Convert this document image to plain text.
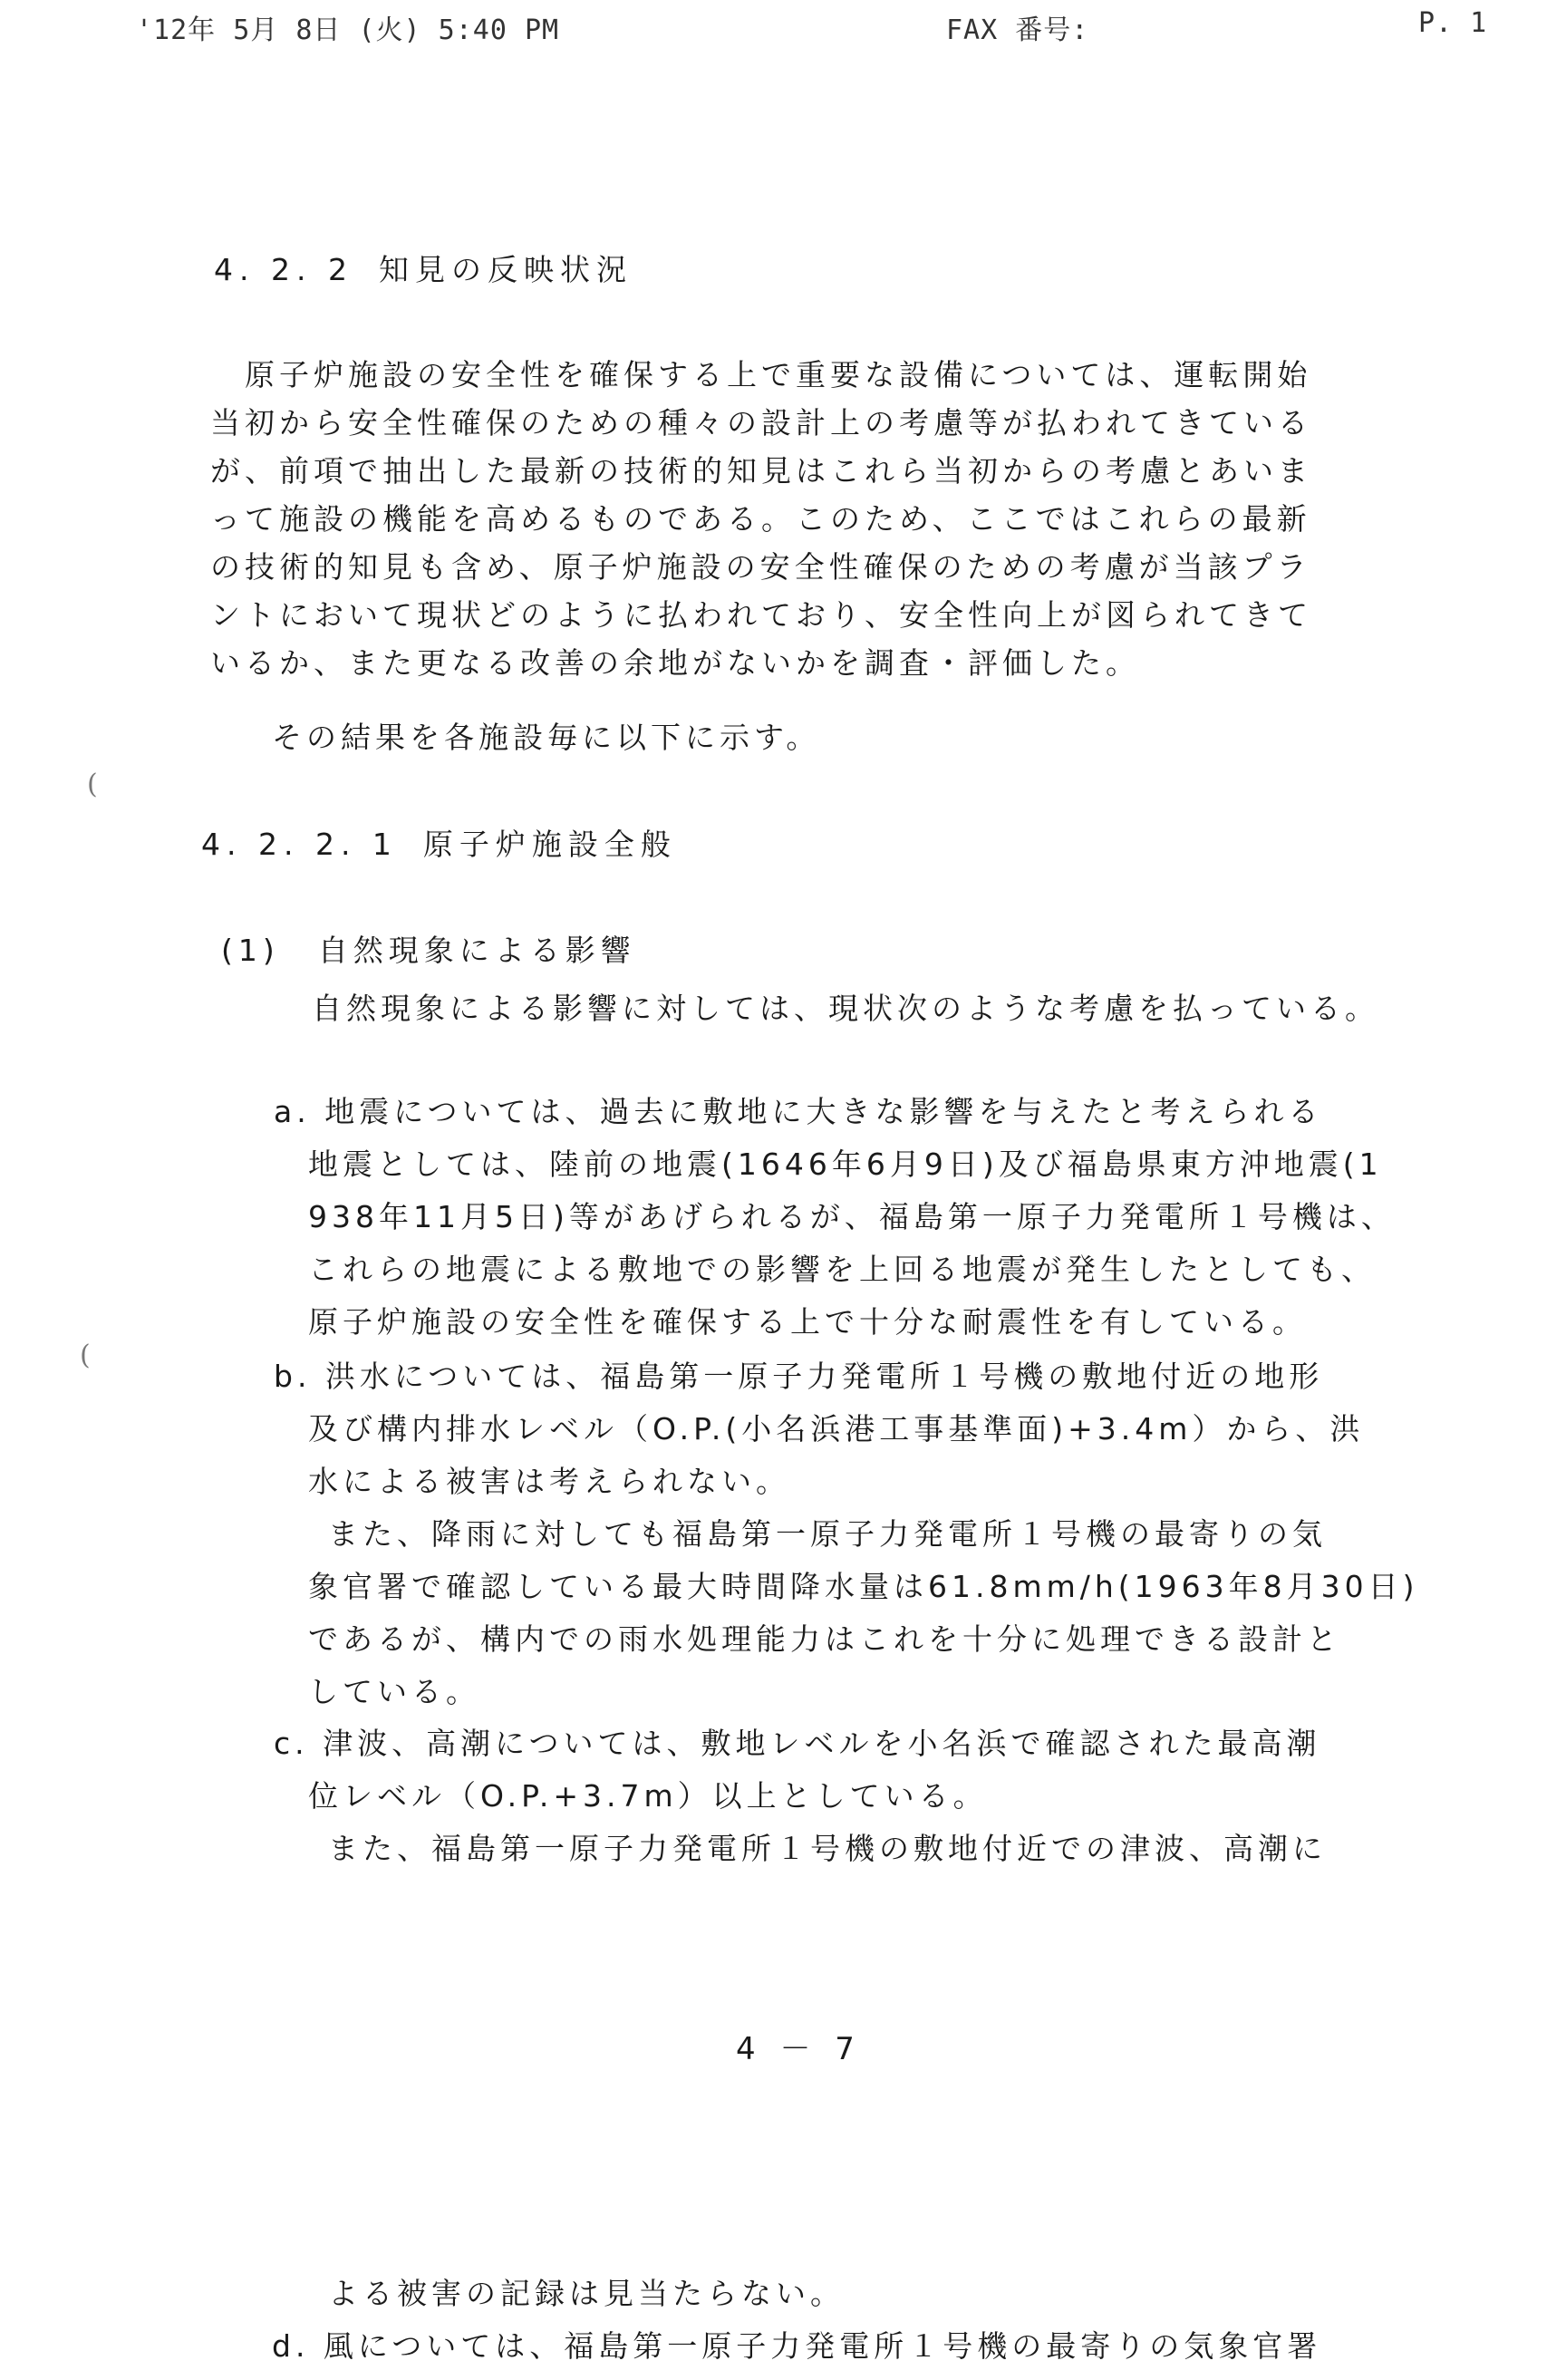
'12年 5月 8日 (火) 5:40 PM	FAX 番号:	P. 1
4. 2. 2 知見の反映状況
　原子炉施設の安全性を確保する上で重要な設備については、運転開始
当初から安全性確保のための種々の設計上の考慮等が払われてきている
が、前項で抽出した最新の技術的知見はこれら当初からの考慮とあいま
って施設の機能を高めるものである。このため、ここではこれらの最新
の技術的知見も含め、原子炉施設の安全性確保のための考慮が当該プラ
ントにおいて現状どのように払われており、安全性向上が図られてきて
いるか、また更なる改善の余地がないかを調査・評価した。
その結果を各施設毎に以下に示す。
4. 2. 2. 1 原子炉施設全般
(1) 自然現象による影響
自然現象による影響に対しては、現状次のような考慮を払っている。
a. 地震については、過去に敷地に大きな影響を与えたと考えられる
地震としては、陸前の地震(1646年6月9日)及び福島県東方沖地震(1
938年11月5日)等があげられるが、福島第一原子力発電所１号機は、
これらの地震による敷地での影響を上回る地震が発生したとしても、
原子炉施設の安全性を確保する上で十分な耐震性を有している。
b. 洪水については、福島第一原子力発電所１号機の敷地付近の地形
及び構内排水レベル（O.P.(小名浜港工事基準面)+3.4m）から、洪
水による被害は考えられない。
また、降雨に対しても福島第一原子力発電所１号機の最寄りの気
象官署で確認している最大時間降水量は61.8mm/h(1963年8月30日)
であるが、構内での雨水処理能力はこれを十分に処理できる設計と
している。
c. 津波、高潮については、敷地レベルを小名浜で確認された最高潮
位レベル（O.P.+3.7m）以上としている。
また、福島第一原子力発電所１号機の敷地付近での津波、高潮に
4 － 7
よる被害の記録は見当たらない。
d. 風については、福島第一原子力発電所１号機の最寄りの気象官署
(
(
